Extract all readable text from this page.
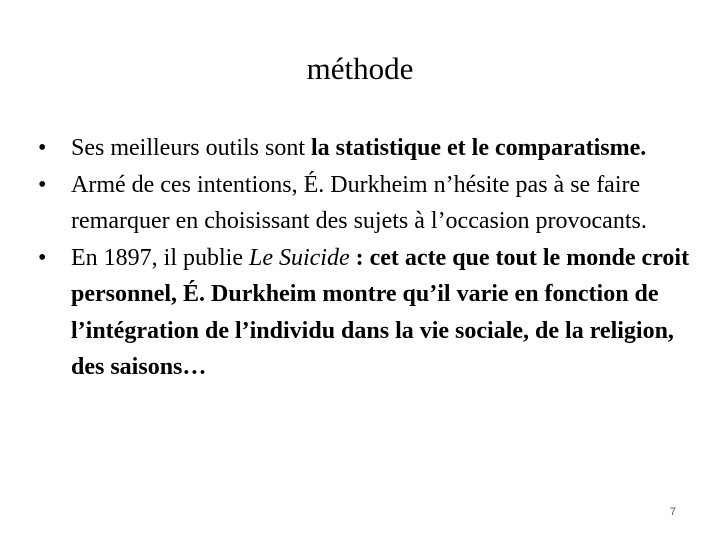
méthode
•	Ses meilleurs outils sont la statistique et le comparatisme.
•	Armé de ces intentions, É. Durkheim n’hésite pas à se faire remarquer en choisissant des sujets à l’occasion provocants.
•	En 1897, il publie Le Suicide : cet acte que tout le monde croit personnel, É. Durkheim montre qu’il varie en fonction de l’intégration de l’individu dans la vie sociale, de la religion, des saisons…
7
